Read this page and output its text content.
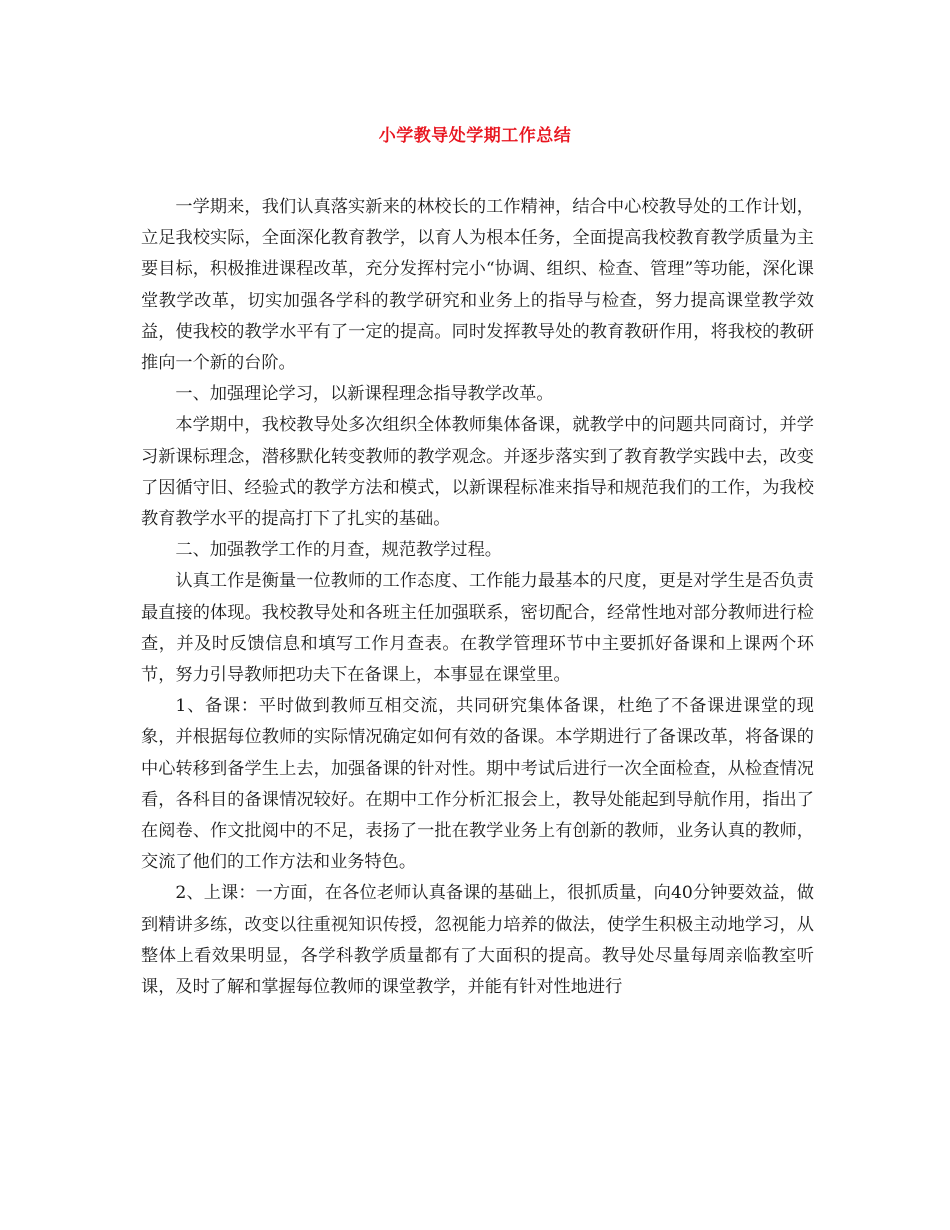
小学教导处学期工作总结

一学期来，我们认真落实新来的林校长的工作精神，结合中心校教导处的工作计划，立足我校实际，全面深化教育教学，以育人为根本任务，全面提高我校教育教学质量为主要目标，积极推进课程改革，充分发挥村完小“协调、组织、检查、管理”等功能，深化课堂教学改革，切实加强各学科的教学研究和业务上的指导与检查，努力提高课堂教学效益，使我校的教学水平有了一定的提高。同时发挥教导处的教育教研作用，将我校的教研推向一个新的台阶。

一、加强理论学习，以新课程理念指导教学改革。

本学期中，我校教导处多次组织全体教师集体备课，就教学中的问题共同商讨，并学习新课标理念，潜移默化转变教师的教学观念。并逐步落实到了教育教学实践中去，改变了因循守旧、经验式的教学方法和模式，以新课程标准来指导和规范我们的工作，为我校教育教学水平的提高打下了扎实的基础。

二、加强教学工作的月查，规范教学过程。

认真工作是衡量一位教师的工作态度、工作能力最基本的尺度，更是对学生是否负责最直接的体现。我校教导处和各班主任加强联系，密切配合，经常性地对部分教师进行检查，并及时反馈信息和填写工作月查表。在教学管理环节中主要抓好备课和上课两个环节，努力引导教师把功夫下在备课上，本事显在课堂里。

1、备课：平时做到教师互相交流，共同研究集体备课，杜绝了不备课进课堂的现象，并根据每位教师的实际情况确定如何有效的备课。本学期进行了备课改革，将备课的中心转移到备学生上去，加强备课的针对性。期中考试后进行一次全面检查，从检查情况看，各科目的备课情况较好。在期中工作分析汇报会上，教导处能起到导航作用，指出了在阅卷、作文批阅中的不足，表扬了一批在教学业务上有创新的教师，业务认真的教师，交流了他们的工作方法和业务特色。

2、上课：一方面，在各位老师认真备课的基础上，很抓质量，向40分钟要效益，做到精讲多练，改变以往重视知识传授，忽视能力培养的做法，使学生积极主动地学习，从整体上看效果明显，各学科教学质量都有了大面积的提高。教导处尽量每周亲临教室听课，及时了解和掌握每位教师的课堂教学，并能有针对性地进行
